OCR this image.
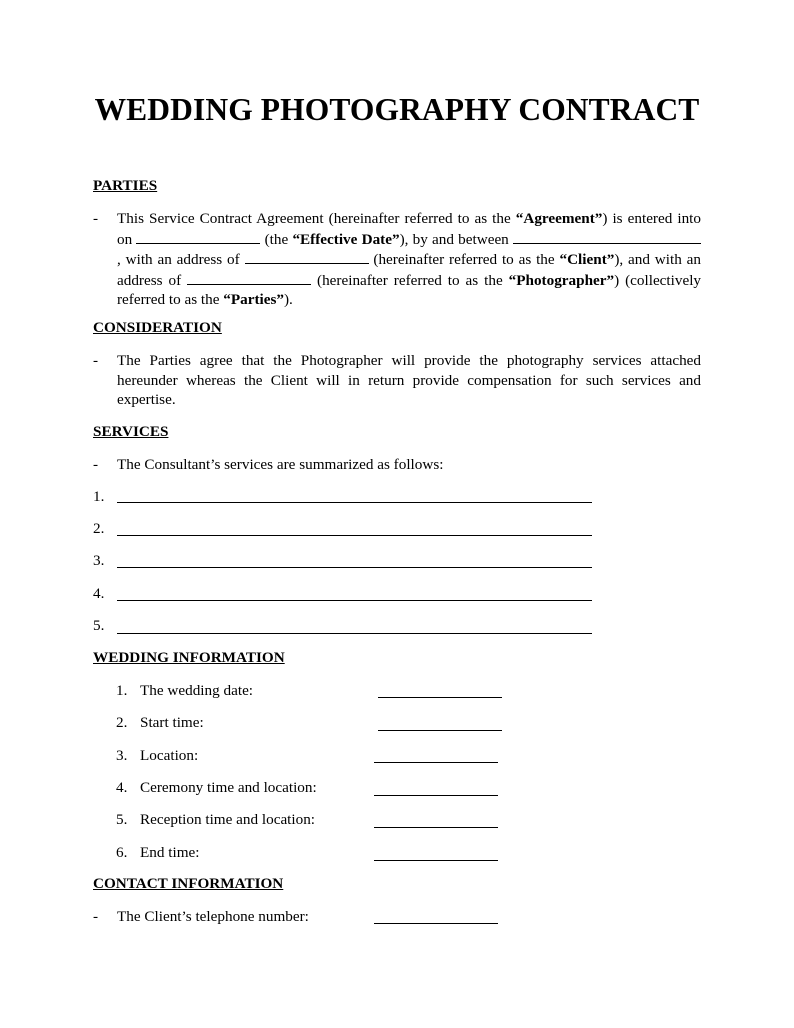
WEDDING PHOTOGRAPHY CONTRACT
PARTIES
- This Service Contract Agreement (hereinafter referred to as the “Agreement”) is entered into on	(the “Effective Date”), by and between , with an address of	(hereinafter referred to as the “Client”), and with an address of	(hereinafter referred to as the “Photographer”) (collectively referred to as the “Parties”).

CONSIDERATION
- The Parties agree that the Photographer will provide the photography services attached hereunder whereas the Client will in return provide compensation for such services and expertise.

SERVICES
- The Consultant’s services are summarized as follows:

1.
2.
3.
4.
5.
WEDDING INFORMATION
1. The wedding date:
2. Start time:
3. Location:
4. Ceremony time and location:
5. Reception time and location:
6. End time:
CONTACT INFORMATION
- The Client’s telephone number:
